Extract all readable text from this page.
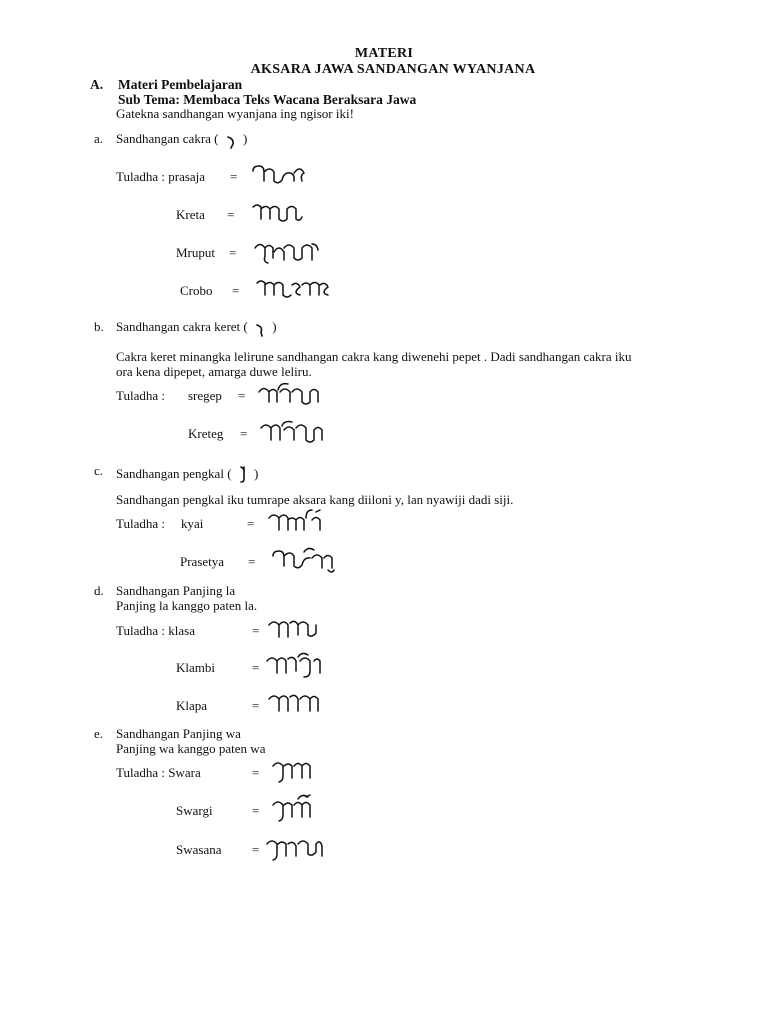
MATERI
AKSARA JAWA SANDANGAN WYANJANA
A. Materi Pembelajaran
Sub Tema: Membaca Teks Wacana Beraksara Jawa
Gatekna sandhangan wyanjana ing ngisor iki!
a. Sandhangan cakra ( )
Tuladha : prasaja =
Kreta =
Mruput =
Crobo =
b. Sandhangan cakra keret ( )
Cakra keret minangka lelirune sandhangan cakra kang diwenehi pepet . Dadi sandhangan cakra iku
ora kena dipepet, amarga duwe leliru.
Tuladha : sregep =
Kreteg =
c. Sandhangan pengkal ( )
Sandhangan pengkal iku tumrape aksara kang diiloni y, lan nyawiji dadi siji.
Tuladha : kyai	=
Prasetya =
d. Sandhangan Panjing la
Panjing la kanggo paten la.
Tuladha : klasa	=
Klambi	=
Klapa	=
e. Sandhangan Panjing wa
Panjing wa kanggo paten wa
Tuladha : Swara	=
Swargi	=
Swasana =
